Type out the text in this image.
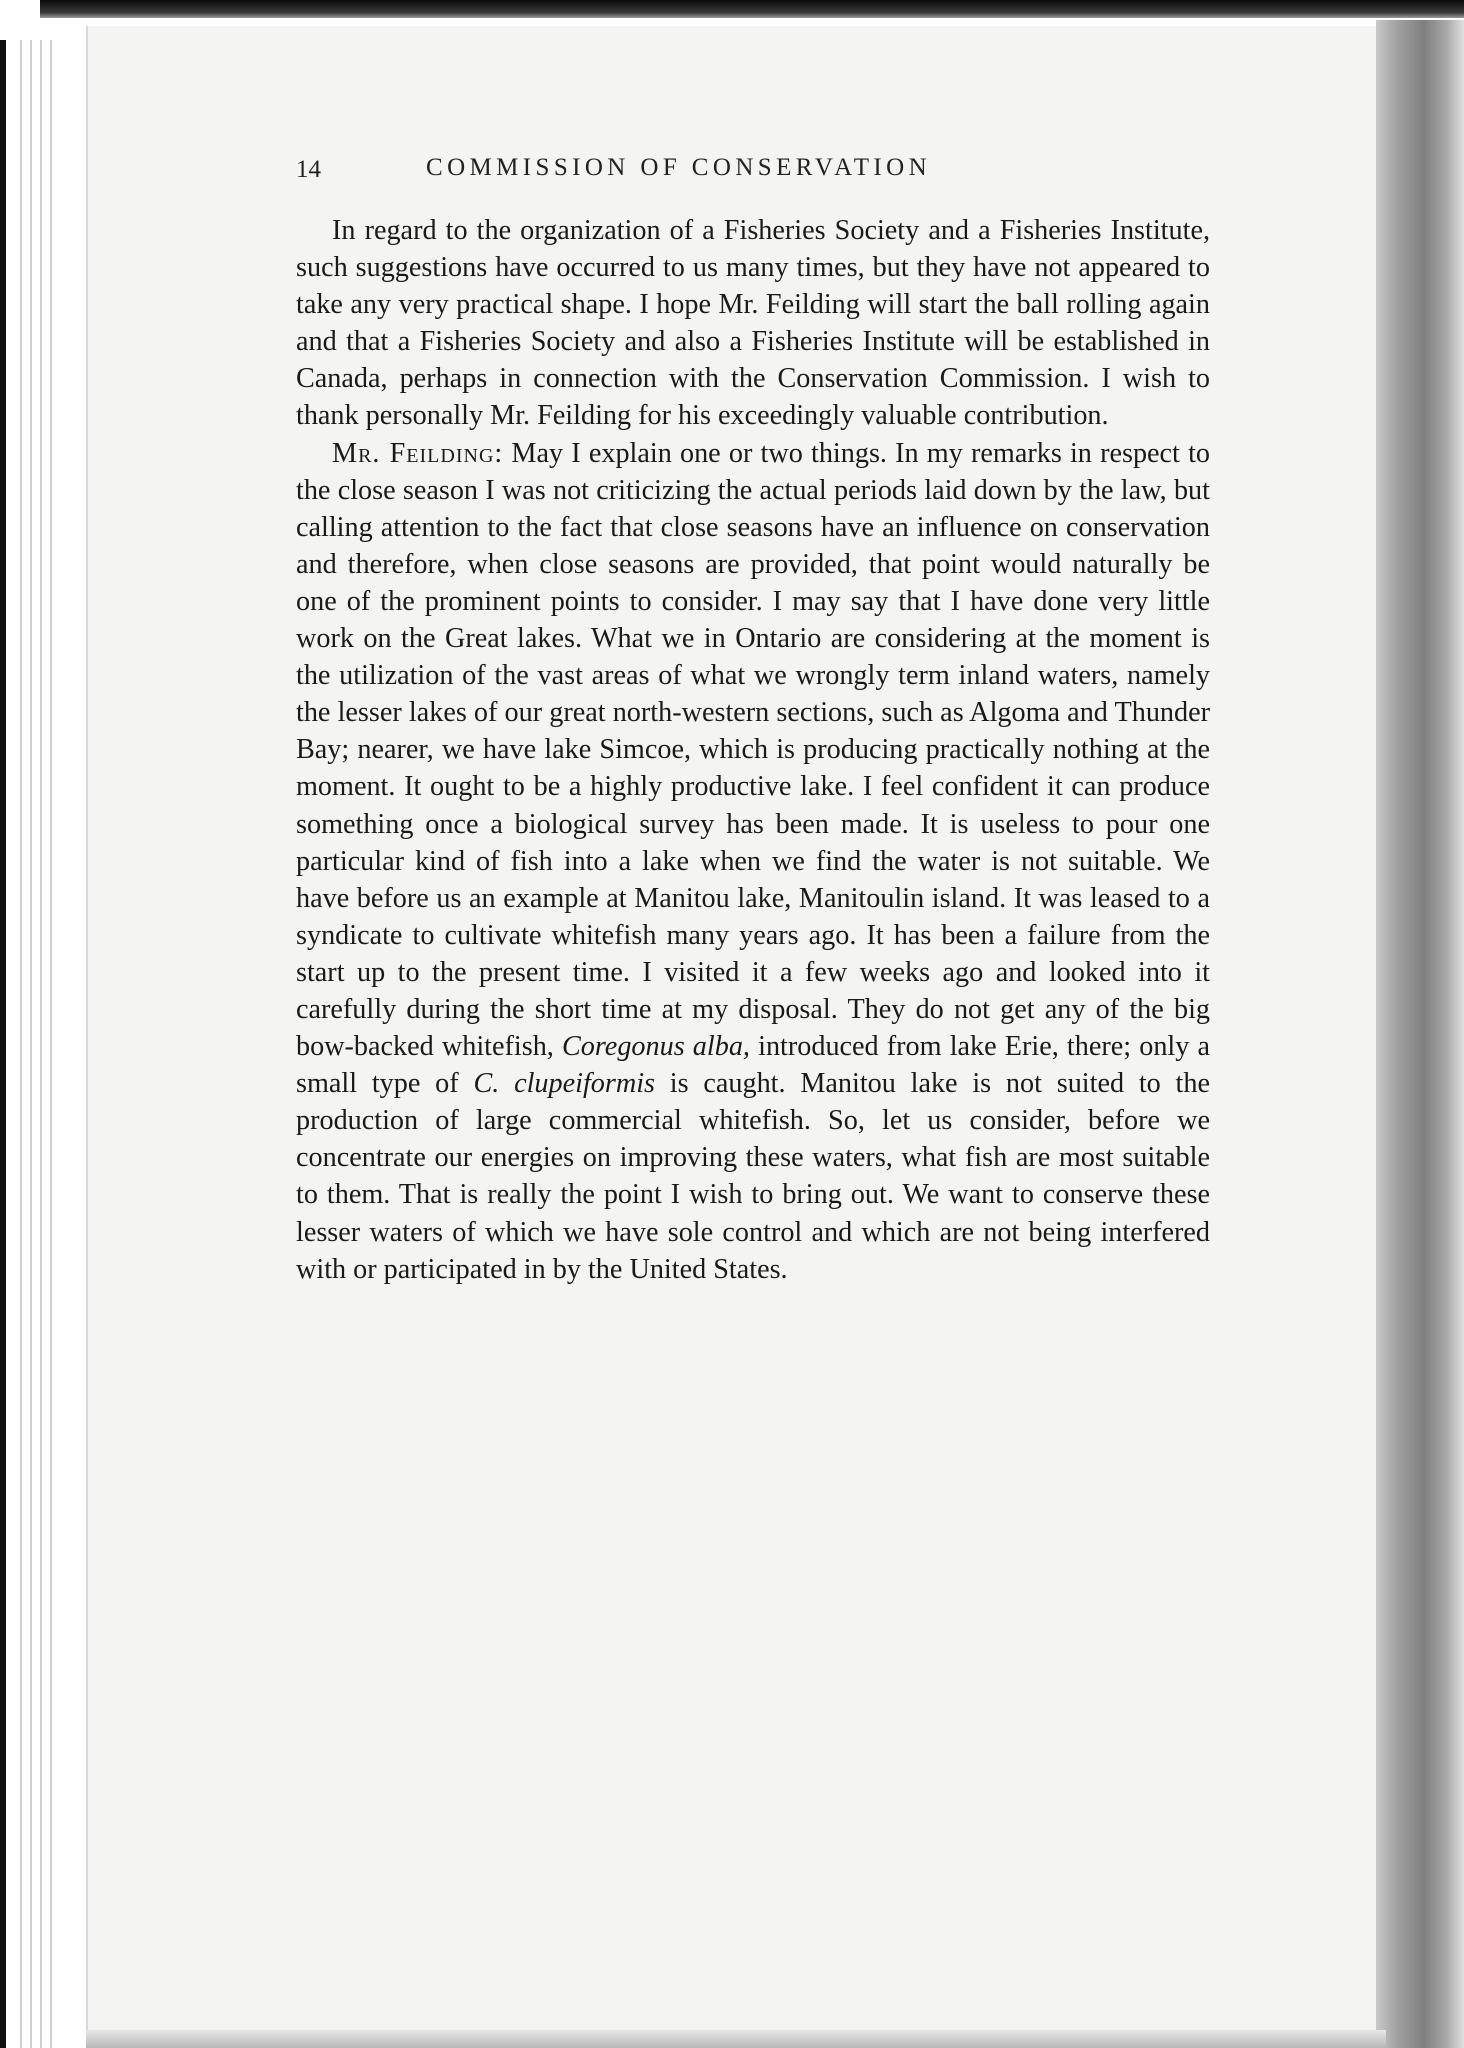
14	COMMISSION OF CONSERVATION

In regard to the organization of a Fisheries Society and a Fisheries Institute, such suggestions have occurred to us many times, but they have not appeared to take any very practical shape. I hope Mr. Feilding will start the ball rolling again and that a Fisheries Society and also a Fisheries Institute will be established in Canada, perhaps in connection with the Conservation Commission. I wish to thank personally Mr. Feilding for his exceedingly valuable contribution.

Mr. Feilding: May I explain one or two things. In my remarks in respect to the close season I was not criticizing the actual periods laid down by the law, but calling attention to the fact that close seasons have an influence on conservation and therefore, when close seasons are provided, that point would naturally be one of the prominent points to consider. I may say that I have done very little work on the Great lakes. What we in Ontario are considering at the moment is the utilization of the vast areas of what we wrongly term inland waters, namely the lesser lakes of our great north-western sections, such as Algoma and Thunder Bay; nearer, we have lake Simcoe, which is producing practically nothing at the moment. It ought to be a highly productive lake. I feel confident it can produce something once a biological survey has been made. It is useless to pour one particular kind of fish into a lake when we find the water is not suitable. We have before us an example at Manitou lake, Manitoulin island. It was leased to a syndicate to cultivate whitefish many years ago. It has been a failure from the start up to the present time. I visited it a few weeks ago and looked into it carefully during the short time at my disposal. They do not get any of the big bow-backed whitefish, Coregonus alba, introduced from lake Erie, there; only a small type of C. clupeiformis is caught. Manitou lake is not suited to the production of large commercial whitefish. So, let us consider, before we concentrate our energies on improving these waters, what fish are most suitable to them. That is really the point I wish to bring out. We want to conserve these lesser waters of which we have sole control and which are not being interfered with or participated in by the United States.
